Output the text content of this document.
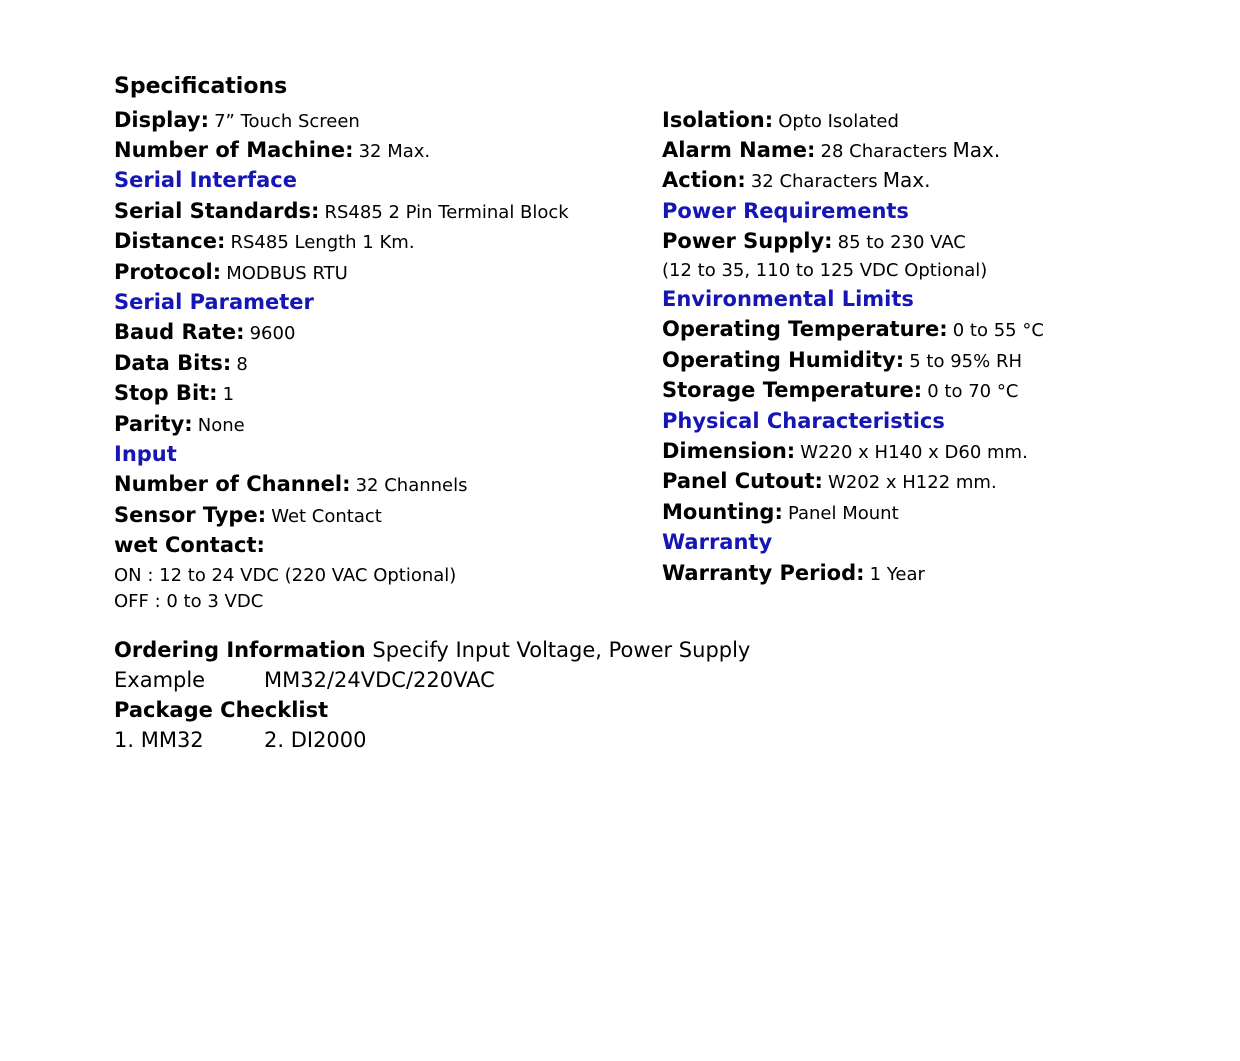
Specifications
Display: 7” Touch Screen
Number of Machine: 32 Max.
Serial Interface
Serial Standards: RS485 2 Pin Terminal Block
Distance: RS485 Length 1 Km.
Protocol: MODBUS RTU
Serial Parameter
Baud Rate: 9600
Data Bits: 8
Stop Bit: 1
Parity: None
Input
Number of Channel: 32 Channels
Sensor Type: Wet Contact
wet Contact:
ON : 12 to 24 VDC (220 VAC Optional)
OFF : 0 to 3 VDC
Isolation: Opto Isolated
Alarm Name: 28 Characters Max.
Action: 32 Characters Max.
Power Requirements
Power Supply: 85 to 230 VAC
(12 to 35, 110 to 125 VDC Optional)
Environmental Limits
Operating Temperature: 0 to 55 °C
Operating Humidity: 5 to 95% RH
Storage Temperature: 0 to 70 °C
Physical Characteristics
Dimension: W220 x H140 x D60 mm.
Panel Cutout: W202 x H122 mm.
Mounting: Panel Mount
Warranty
Warranty Period: 1 Year
Ordering Information Specify Input Voltage, Power Supply
Example	MM32/24VDC/220VAC
Package Checklist
1. MM32	2. DI2000
